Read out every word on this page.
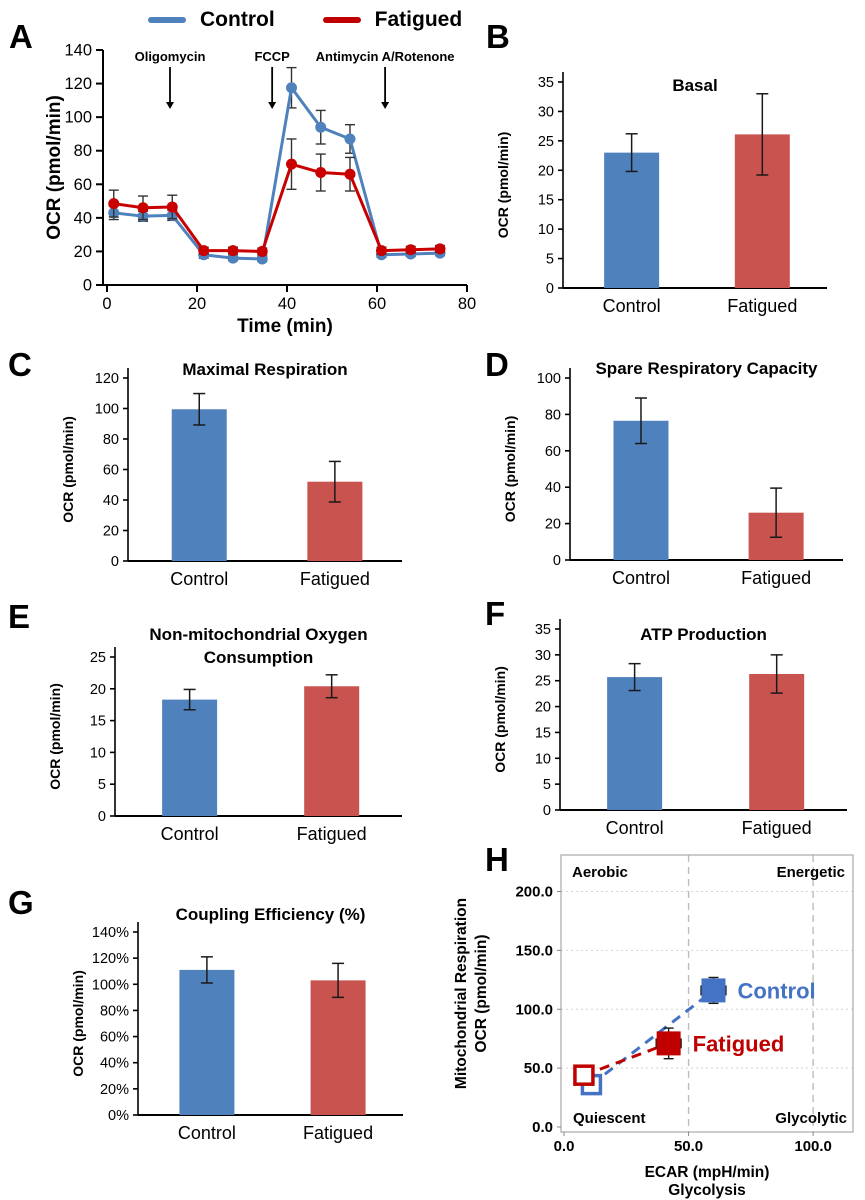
Control	Fatigued
A	B
C	D
E	F
G
H
0
20
40
60
80
100
120
140
0	20	40	60	80
Time (min)
OCR (pmol/min)
Oligomycin	FCCP Antimycin A/Rotenone
0
5
10
15
20
25
30
35	Basal
OCR (pmol/min)
Control	Fatigued
0
20
40
60
80
100
120	Maximal Respiration
OCR (pmol/min)
Control	Fatigued
0
20
40
60
80
100
Spare Respiratory Capacity
OCR (pmol/min)
Control	Fatigued
0
5
10
15
20
25
Non-mitochondrial Oxygen
Consumption
OCR (pmol/min)
Control	Fatigued
0
5
10
15
20
25
30
35	ATP Production
OCR (pmol/min)
Control	Fatigued
0%
20%
40%
60%
80%
100%
120%
140%
Coupling Efficiency (%)
OCR (pmol/min)
Control	Fatigued	0.0
50.0
100.0
150.0
200.0
0.0	50.0	100.0
ECAR (mpH/min)
Glycolysis
Mitochondrial Respiration OCR (pmol/min)
Aerobic	Energetic
Quiescent	Glycolytic
Control
Fatigued
